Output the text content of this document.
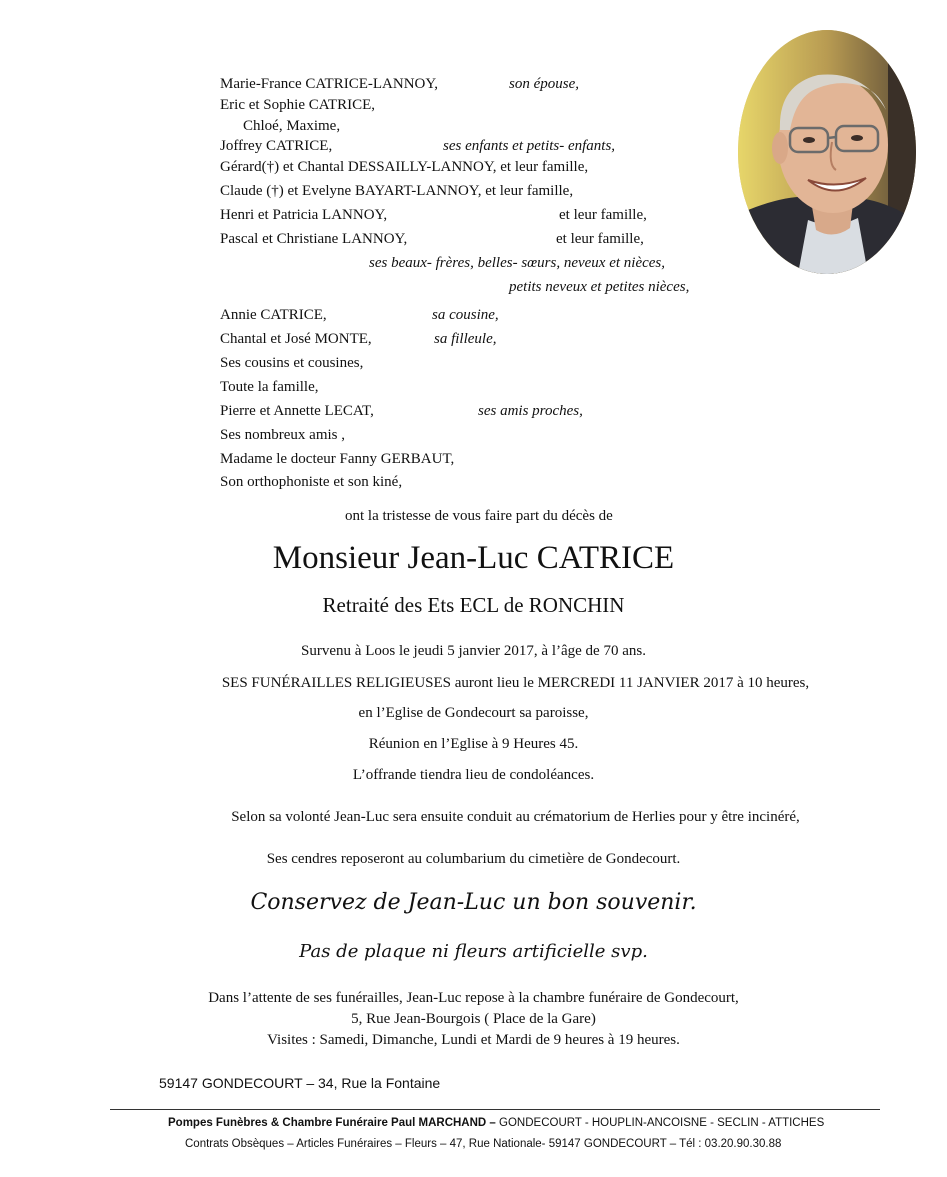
Marie-France CATRICE-LANNOY,	son épouse,
Eric et Sophie CATRICE,
Chloé, Maxime,
Joffrey CATRICE,	ses enfants et petits- enfants,
Gérard(†) et Chantal DESSAILLY-LANNOY, et leur famille,
Claude (†) et Evelyne BAYART-LANNOY, et leur famille,
Henri et Patricia LANNOY,	et leur famille,
Pascal et Christiane LANNOY,	et leur famille,
ses beaux- frères, belles- sœurs, neveux et nièces,
petits neveux et petites nièces,
Annie CATRICE,	sa cousine,
Chantal et José MONTE,	sa filleule,
Ses cousins et cousines,
Toute la famille,
Pierre et Annette LECAT,	ses amis proches,
Ses nombreux amis ,
Madame le docteur Fanny GERBAUT,
Son orthophoniste et son kiné,
ont la tristesse de vous faire part du décès de
Monsieur Jean-Luc CATRICE
Retraité des Ets ECL de RONCHIN
Survenu à Loos le jeudi 5 janvier 2017, à l’âge de 70 ans.
SES FUNÉRAILLES RELIGIEUSES auront lieu le MERCREDI 11 JANVIER 2017 à 10 heures,
en l’Eglise de Gondecourt sa paroisse,
Réunion en l’Eglise à 9 Heures 45.
L’offrande tiendra lieu de condoléances.
Selon sa volonté Jean-Luc sera ensuite conduit au crématorium de Herlies pour y être incinéré,
Ses cendres reposeront au columbarium du cimetière de Gondecourt.
Conservez de Jean-Luc un bon souvenir.
Pas de plaque ni fleurs artificielle svp.
Dans l’attente de ses funérailles, Jean-Luc repose à la chambre funéraire de Gondecourt,
5, Rue Jean-Bourgois ( Place de la Gare)
Visites : Samedi, Dimanche, Lundi et Mardi de 9 heures à 19 heures.
59147 GONDECOURT – 34, Rue la Fontaine
Pompes Funèbres & Chambre Funéraire Paul MARCHAND – GONDECOURT - HOUPLIN-ANCOISNE - SECLIN - ATTICHES
Contrats Obsèques – Articles Funéraires – Fleurs – 47, Rue Nationale- 59147 GONDECOURT – Tél : 03.20.90.30.88
